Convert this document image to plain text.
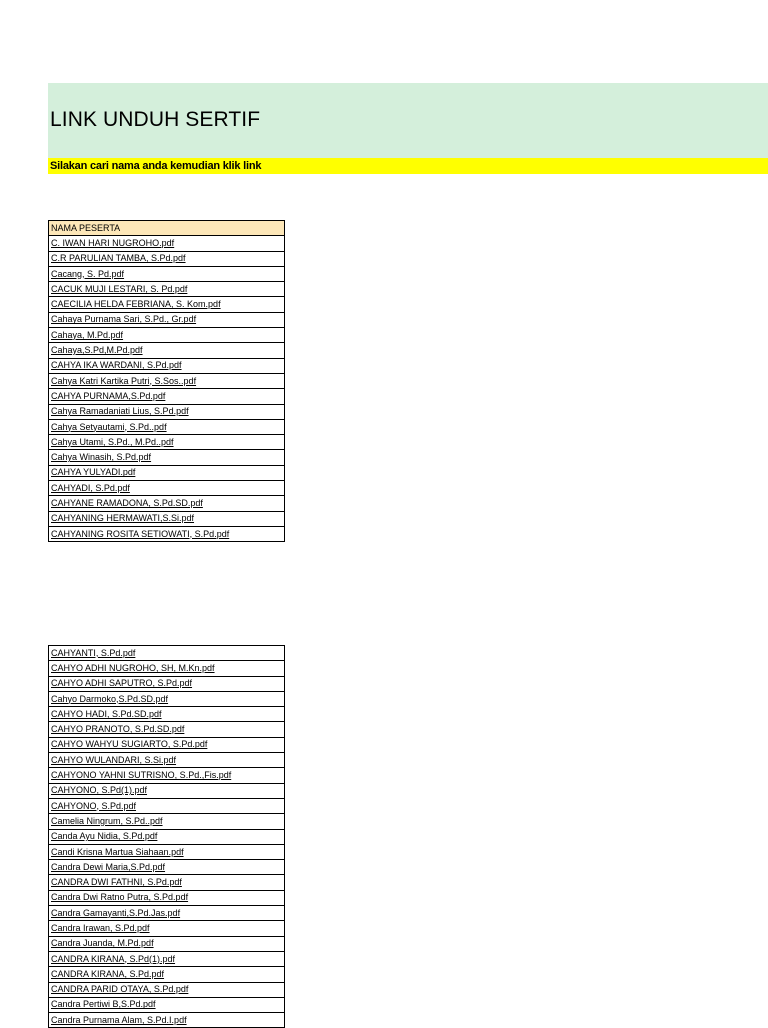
LINK UNDUH SERTIF
Silakan cari nama anda kemudian klik link
NAMA PESERTA
C. IWAN HARI NUGROHO.pdf
C.R PARULIAN TAMBA, S.Pd.pdf
Cacang, S. Pd.pdf
CACUK MUJI LESTARI, S. Pd.pdf
CAECILIA HELDA FEBRIANA, S. Kom.pdf
Cahaya Purnama Sari, S.Pd., Gr.pdf
Cahaya, M.Pd.pdf
Cahaya,S.Pd,M.Pd.pdf
CAHYA IKA WARDANI, S.Pd.pdf
Cahya Katri Kartika Putri, S.Sos..pdf
CAHYA PURNAMA,S.Pd.pdf
Cahya Ramadaniati Lius, S.Pd.pdf
Cahya Setyautami, S.Pd..pdf
Cahya Utami, S.Pd., M.Pd..pdf
Cahya Winasih, S.Pd.pdf
CAHYA YULYADI.pdf
CAHYADI, S.Pd.pdf
CAHYANE RAMADONA, S.Pd.SD.pdf
CAHYANING HERMAWATI,S.Si.pdf
CAHYANING ROSITA SETIOWATI, S.Pd.pdf
CAHYANTI, S.Pd.pdf
CAHYO ADHI NUGROHO, SH, M.Kn.pdf
CAHYO ADHI SAPUTRO, S.Pd.pdf
Cahyo Darmoko,S.Pd.SD.pdf
CAHYO HADI, S.Pd.SD.pdf
CAHYO PRANOTO, S.Pd.SD.pdf
CAHYO WAHYU SUGIARTO, S.Pd.pdf
CAHYO WULANDARI, S.Si.pdf
CAHYONO YAHNI SUTRISNO, S.Pd.,Fis.pdf
CAHYONO, S.Pd(1).pdf
CAHYONO, S.Pd.pdf
Camelia Ningrum, S.Pd..pdf
Canda Ayu Nidia, S.Pd.pdf
Candi Krisna Martua Siahaan.pdf
Candra Dewi Maria,S.Pd.pdf
CANDRA DWI FATHNI, S.Pd.pdf
Candra Dwi Ratno Putra, S.Pd.pdf
Candra Gamayanti,S.Pd.Jas.pdf
Candra Irawan, S.Pd.pdf
Candra Juanda, M.Pd.pdf
CANDRA KIRANA, S.Pd(1).pdf
CANDRA KIRANA, S.Pd.pdf
CANDRA PARID OTAYA, S.Pd.pdf
Candra Pertiwi B,S.Pd.pdf
Candra Purnama Alam, S.Pd.I.pdf
